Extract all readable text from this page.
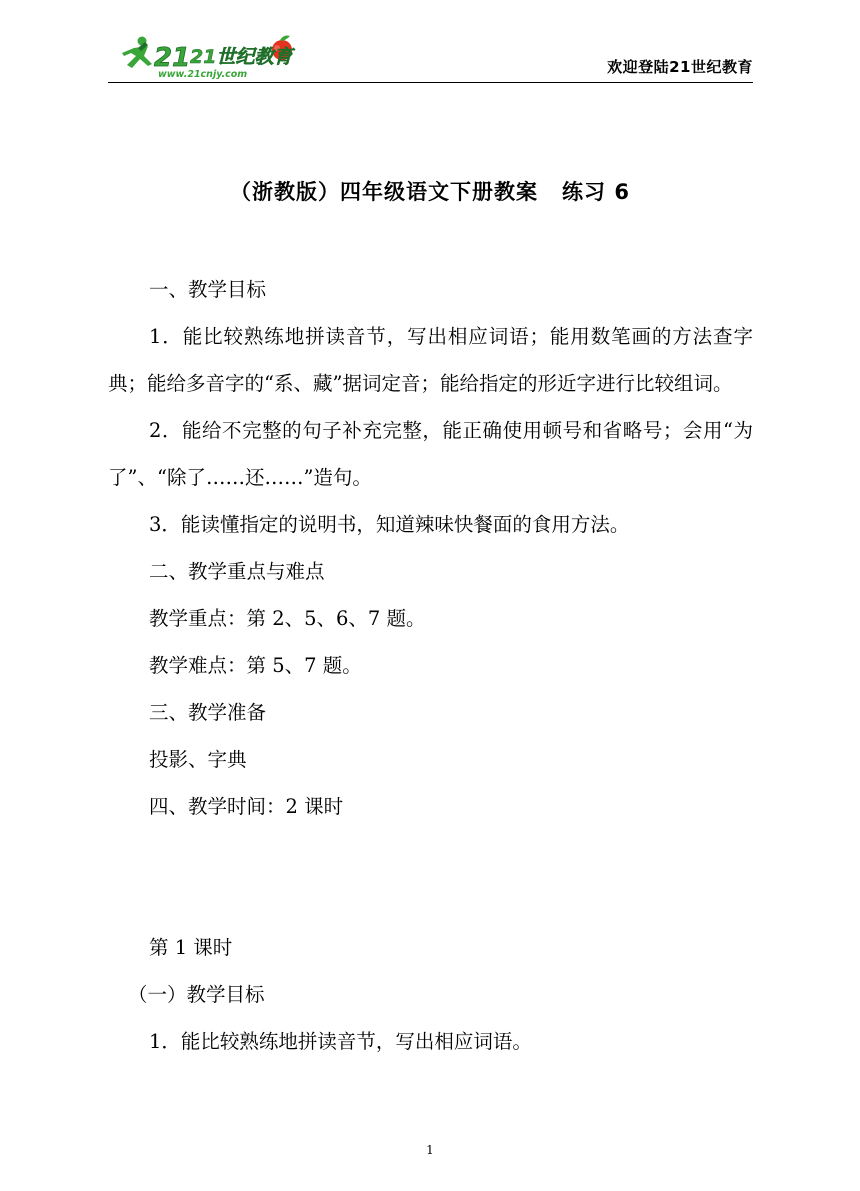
21 21世纪教育
www.21cnjy.com	欢迎登陆21世纪教育
（浙教版）四年级语文下册教案 练习 6

一、教学目标

1．能比较熟练地拼读音节，写出相应词语；能用数笔画的方法查字典；能给多音字的“系、藏”据词定音；能给指定的形近字进行比较组词。

2．能给不完整的句子补充完整，能正确使用顿号和省略号；会用“为了”、“除了……还……”造句。

3．能读懂指定的说明书，知道辣味快餐面的食用方法。

二、教学重点与难点

教学重点：第 2、5、6、7 题。

教学难点：第 5、7 题。

三、教学准备

投影、字典

四、教学时间：2 课时

第 1 课时

（一）教学目标

1．能比较熟练地拼读音节，写出相应词语。

1
